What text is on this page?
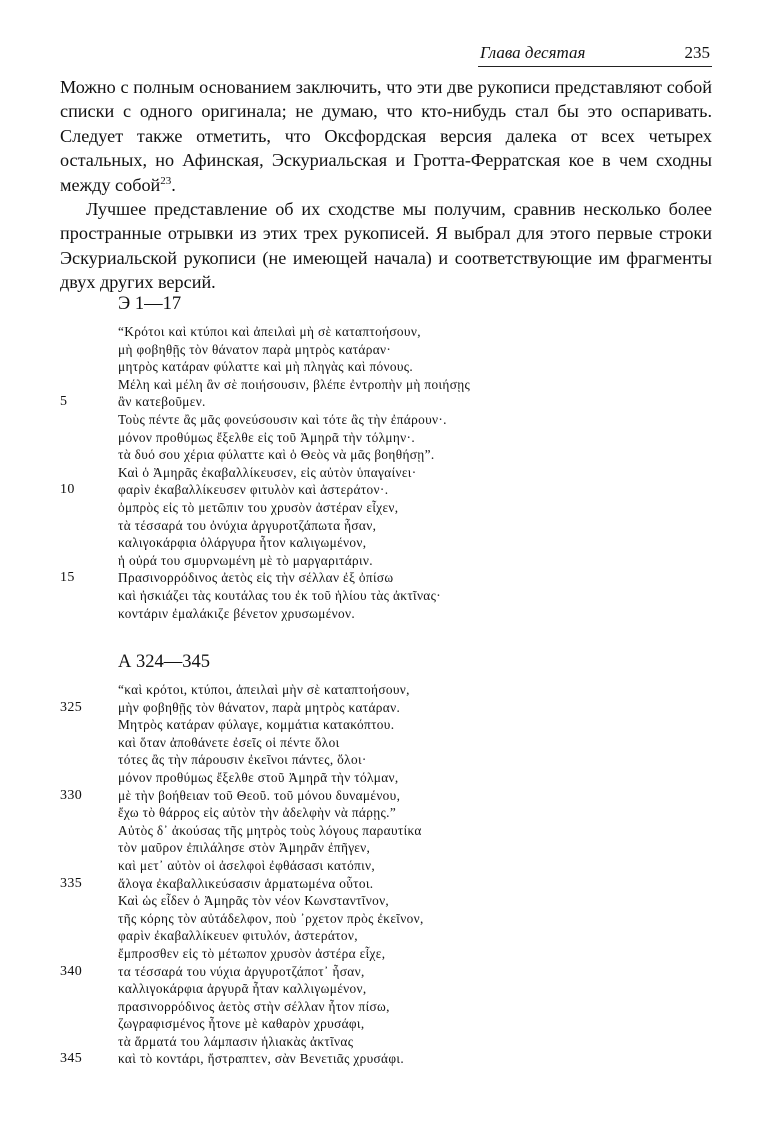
Глава десятая	235

Можно с полным основанием заключить, что эти две рукописи представляют собой списки с одного оригинала; не думаю, что кто-нибудь стал бы это оспаривать. Следует также отметить, что Оксфордская версия далека от всех четырех остальных, но Афинская, Эскуриальская и Гротта-Ферратская кое в чем сходны между собой$^{23}$.

Лучшее представление об их сходстве мы получим, сравнив несколько более пространные отрывки из этих трех рукописей. Я выбрал для этого первые строки Эскуриальской рукописи (не имеющей начала) и соответствующие им фрагменты двух других версий.

Э 1—17

“Κρότοι καὶ κτύποι καὶ ἀπειλαὶ μὴ σὲ καταπτοήσουν,
μὴ φοβηθῇς τὸν θάνατον παρὰ μητρὸς κατάραν·
μητρὸς κατάραν φύλαττε καὶ μὴ πληγὰς καὶ πόνους.
Μέλη καὶ μέλη ἂν σὲ ποιήσουσιν, βλέπε ἐντροπὴν μὴ ποιήσῃς
5	ἂν κατεβοῦμεν.
Τοὺς πέντε ἂς μᾶς φονεύσουσιν καὶ τότε ἂς τὴν ἐπάρουν·.
μόνον προθύμως ἔξελθε εἰς τοῦ Ἀμηρᾶ τὴν τόλμην·.
τὰ δυό σου χέρια φύλαττε καὶ ὁ Θεὸς νὰ μᾶς βοηθήσῃ”.
Καὶ ὁ Ἀμηρᾶς ἐκαβαλλίκευσεν, εἰς αὐτὸν ὑπαγαίνει·
10	φαρὶν ἐκαβαλλίκευσεν φιτυλὸν καὶ ἀστεράτον·.
ὀμπρὸς εἰς τὸ μετῶπιν του χρυσὸν ἀστέραν εἶχεν,
τὰ τέσσαρά του ὀνύχια ἀργυροτζάπωτα ἦσαν,
καλιγοκάρφια ὁλάργυρα ἦτον καλιγωμένον,
ἡ οὐρά του σμυρνωμένη μὲ τὸ μαργαριτάριν.
15	Πρασινορρόδινος ἀετὸς εἰς τὴν σέλλαν ἐξ ὀπίσω
καὶ ἠσκιάζει τὰς κουτάλας του ἐκ τοῦ ἡλίου τὰς ἀκτῖνας·
κοντάριν ἐμαλάκιζε βένετον χρυσωμένον.

А 324—345

“καὶ κρότοι, κτύποι, ἀπειλαὶ μὴν σὲ καταπτοήσουν,
325	μὴν φοβηθῇς τὸν θάνατον, παρὰ μητρὸς κατάραν.
Μητρὸς κατάραν φύλαγε, κομμάτια κατακόπτου.
καὶ ὅταν ἀποθάνετε ἐσεῖς οἱ πέντε ὅλοι
τότες ἂς τὴν πάρουσιν ἐκεῖνοι πάντες, ὅλοι·
μόνον προθύμως ἔξελθε στοῦ Ἀμηρᾶ τὴν τόλμαν,
330	μὲ τὴν βοήθειαν τοῦ Θεοῦ. τοῦ μόνου δυναμένου,
ἔχω τὸ θάρρος εἰς αὐτὸν τὴν ἀδελφὴν νὰ πάρῃς.”
Αὐτὸς δ᾽ ἀκούσας τῆς μητρὸς τοὺς λόγους παραυτίκα
τὸν μαῦρον ἐπιλάλησε στὸν Ἀμηρᾶν ἐπῆγεν,
καὶ μετ᾽ αὐτὸν οἱ ἀσελφοὶ ἐφθάσασι κατόπιν,
335	ἄλογα ἐκαβαλλικεύσασιν ἁρματωμένα οὗτοι.
Καὶ ὡς εἶδεν ὁ Ἀμηρᾶς τὸν νέον Κωνσταντῖνον,
τῆς κόρης τὸν αὐτάδελφον, ποὺ ᾿ρχετον πρὸς ἐκεῖνον,
φαρὶν ἐκαβαλλίκευεν φιτυλόν, ἀστεράτον,
ἔμπροσθεν εἰς τὸ μέτωπον χρυσὸν ἀστέρα εἶχε,
340	τα τέσσαρά του νύχια ἀργυροτζάποτ᾽ ἦσαν,
καλλιγοκάρφια ἀργυρᾶ ἦταν καλλιγωμένον,
πρασινορρόδινος ἀετὸς στὴν σέλλαν ἦτον πίσω,
ζωγραφισμένος ἦτονε μὲ καθαρὸν χρυσάφι,
τὰ ἅρματά του λάμπασιν ἡλιακὰς ἀκτῖνας
345	καὶ τὸ κοντάρι, ἤστραπτεν, σὰν Βενετιᾶς χρυσάφι.
